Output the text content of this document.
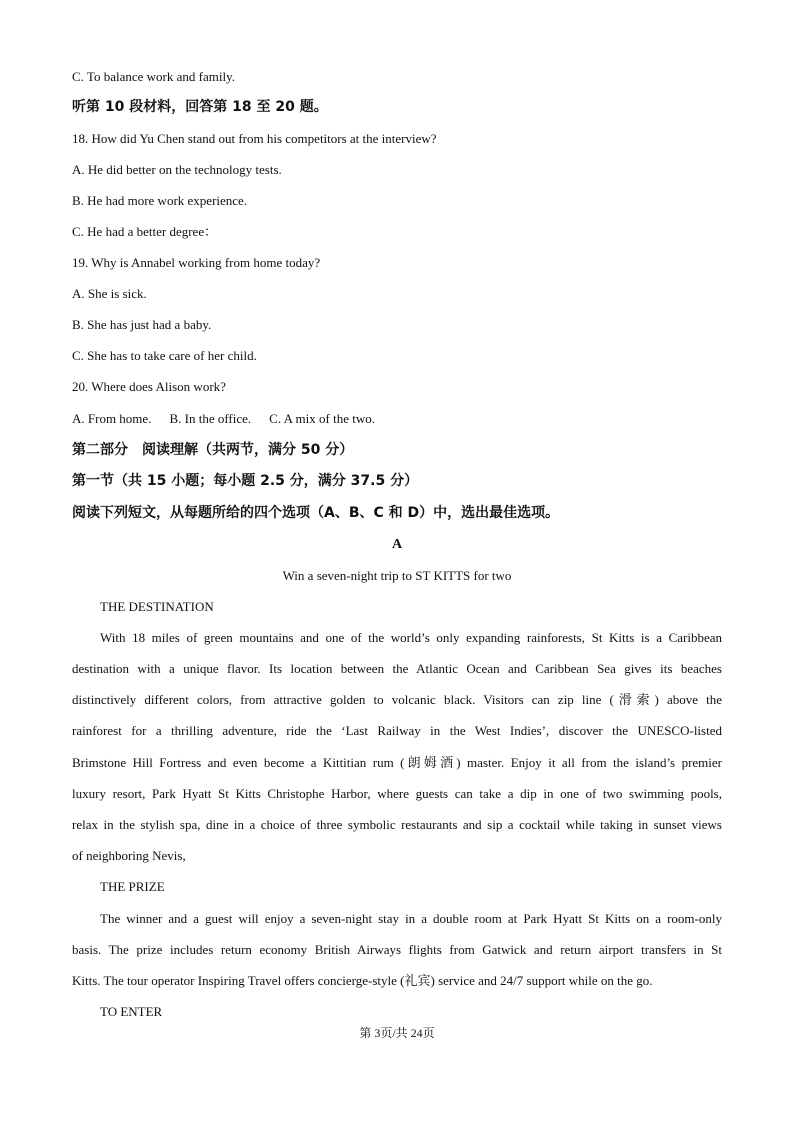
C. To balance work and family.
听第 10 段材料，回答第 18 至 20 题。
18. How did Yu Chen stand out from his competitors at the interview?
A. He did better on the technology tests.
B. He had more work experience.
C. He had a better degree：
19. Why is Annabel working from home today?
A. She is sick.
B. She has just had a baby.
C. She has to take care of her child.
20. Where does Alison work?
A. From home. B. In the office. C. A mix of the two.
第二部分　阅读理解（共两节，满分 50 分）
第一节（共 15 小题；每小题 2.5 分，满分 37.5 分）
阅读下列短文，从每题所给的四个选项（A、B、C 和 D）中，选出最佳选项。
A
Win a seven-night trip to ST KITTS for two
THE DESTINATION
With 18 miles of green mountains and one of the world’s only expanding rainforests, St Kitts is a Caribbean
destination with a unique flavor. Its location between the Atlantic Ocean and Caribbean Sea gives its beaches
distinctively different colors, from attractive golden to volcanic black. Visitors can zip line (滑索) above the
rainforest for a thrilling adventure, ride the ‘Last Railway in the West Indies’, discover the UNESCO-listed
Brimstone Hill Fortress and even become a Kittitian rum (朗姆酒) master. Enjoy it all from the island’s premier
luxury resort, Park Hyatt St Kitts Christophe Harbor, where guests can take a dip in one of two swimming pools,
relax in the stylish spa, dine in a choice of three symbolic restaurants and sip a cocktail while taking in sunset views
of neighboring Nevis,
THE PRIZE
The winner and a guest will enjoy a seven-night stay in a double room at Park Hyatt St Kitts on a room-only
basis. The prize includes return economy British Airways flights from Gatwick and return airport transfers in St
Kitts. The tour operator Inspiring Travel offers concierge-style (礼宾) service and 24/7 support while on the go.
TO ENTER
第 3页/共 24页
